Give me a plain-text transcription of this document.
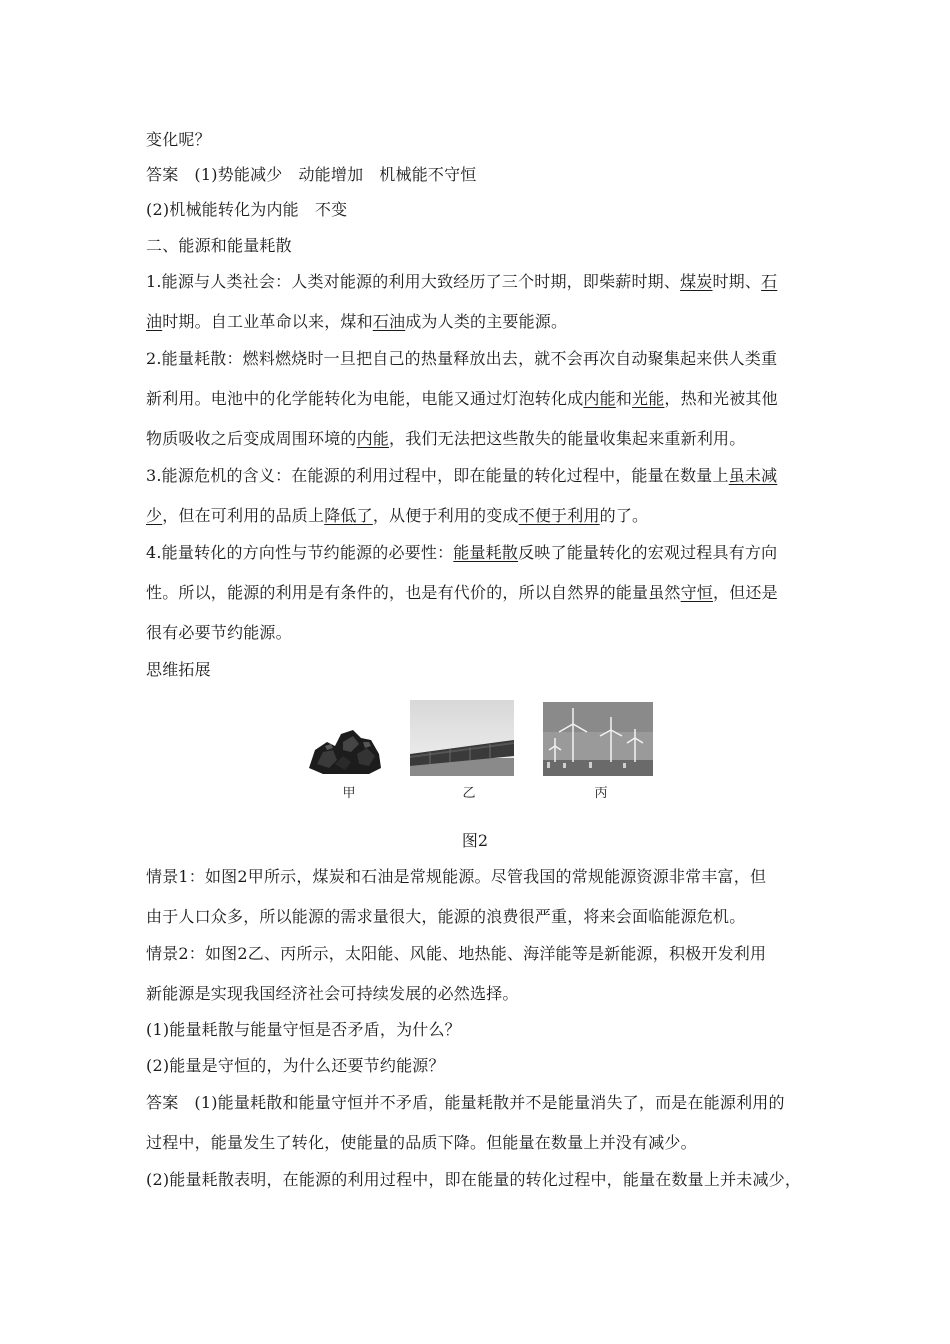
变化呢？
答案 (1)势能减少 动能增加 机械能不守恒
(2)机械能转化为内能 不变
二、能源和能量耗散
1.能源与人类社会：人类对能源的利用大致经历了三个时期，即柴薪时期、煤炭时期、石
油时期。自工业革命以来，煤和石油成为人类的主要能源。
2.能量耗散：燃料燃烧时一旦把自己的热量释放出去，就不会再次自动聚集起来供人类重
新利用。电池中的化学能转化为电能，电能又通过灯泡转化成内能和光能，热和光被其他
物质吸收之后变成周围环境的内能，我们无法把这些散失的能量收集起来重新利用。
3.能源危机的含义：在能源的利用过程中，即在能量的转化过程中，能量在数量上虽未减
少，但在可利用的品质上降低了，从便于利用的变成不便于利用的了。
4.能量转化的方向性与节约能源的必要性：能量耗散反映了能量转化的宏观过程具有方向
性。所以，能源的利用是有条件的，也是有代价的，所以自然界的能量虽然守恒，但还是
很有必要节约能源。
思维拓展
甲	乙	丙
图2
情景1：如图2甲所示，煤炭和石油是常规能源。尽管我国的常规能源资源非常丰富，但
由于人口众多，所以能源的需求量很大，能源的浪费很严重，将来会面临能源危机。
情景2：如图2乙、丙所示，太阳能、风能、地热能、海洋能等是新能源，积极开发利用
新能源是实现我国经济社会可持续发展的必然选择。
(1)能量耗散与能量守恒是否矛盾，为什么？
(2)能量是守恒的，为什么还要节约能源？
答案 (1)能量耗散和能量守恒并不矛盾，能量耗散并不是能量消失了，而是在能源利用的
过程中，能量发生了转化，使能量的品质下降。但能量在数量上并没有减少。
(2)能量耗散表明，在能源的利用过程中，即在能量的转化过程中，能量在数量上并未减少，
